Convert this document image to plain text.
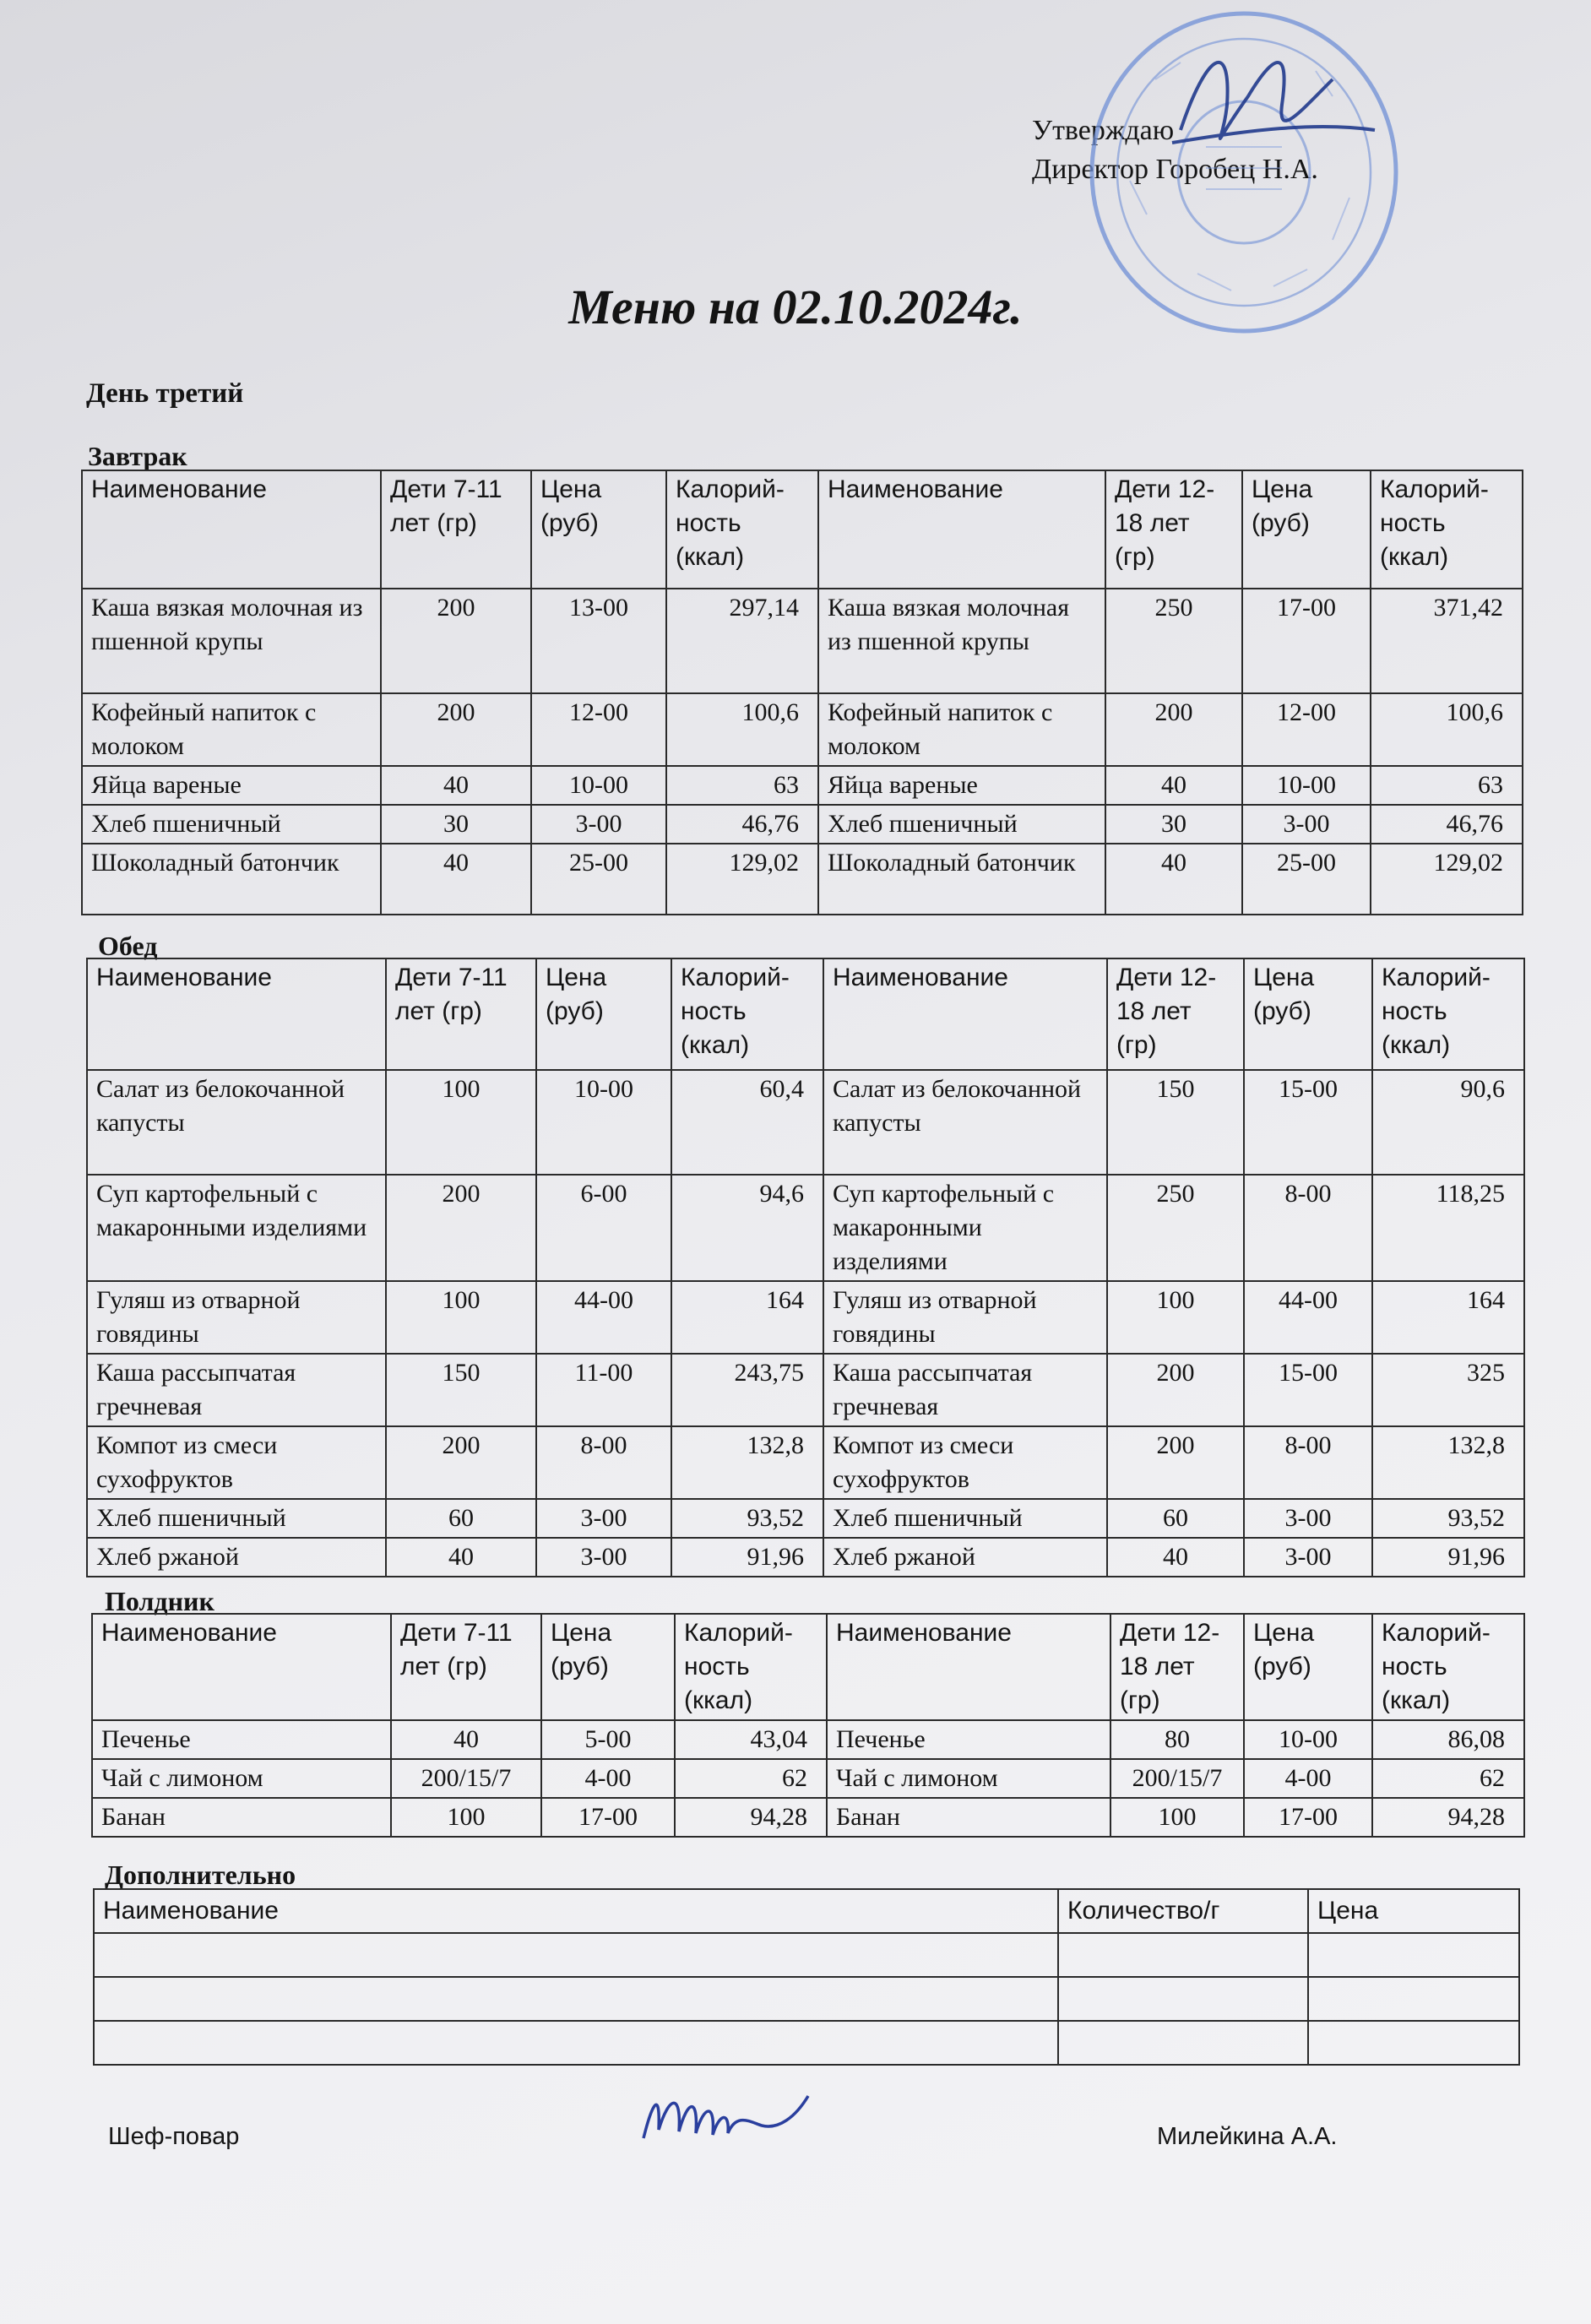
Утверждаю
Директор Горобец Н.А.
Меню на 02.10.2024г.
День третий
Завтрак
Наименование	Дети 7-11 лет (гр)	Цена (руб)	Калорий-ность (ккал)	Наименование	Дети 12-18 лет (гр)	Цена (руб)	Калорий-ность (ккал)
Каша вязкая молочная из пшенной крупы	200	13-00	297,14	Каша вязкая молочная из пшенной крупы	250	17-00	371,42
Кофейный напиток с молоком	200	12-00	100,6	Кофейный напиток с молоком	200	12-00	100,6
Яйца вареные	40	10-00	63	Яйца вареные	40	10-00	63
Хлеб пшеничный	30	3-00	46,76	Хлеб пшеничный	30	3-00	46,76
Шоколадный батончик	40	25-00	129,02	Шоколадный батончик	40	25-00	129,02
Обед
Наименование	Дети 7-11 лет (гр)	Цена (руб)	Калорий-ность (ккал)	Наименование	Дети 12-18 лет (гр)	Цена (руб)	Калорий-ность (ккал)
Салат из белокочанной капусты	100	10-00	60,4	Салат из белокочанной капусты	150	15-00	90,6
Суп картофельный с макаронными изделиями	200	6-00	94,6	Суп картофельный с макаронными изделиями	250	8-00	118,25
Гуляш из отварной говядины	100	44-00	164	Гуляш из отварной говядины	100	44-00	164
Каша рассыпчатая гречневая	150	11-00	243,75	Каша рассыпчатая гречневая	200	15-00	325
Компот из смеси сухофруктов	200	8-00	132,8	Компот из смеси сухофруктов	200	8-00	132,8
Хлеб пшеничный	60	3-00	93,52	Хлеб пшеничный	60	3-00	93,52
Хлеб ржаной	40	3-00	91,96	Хлеб ржаной	40	3-00	91,96
Полдник
Наименование	Дети 7-11 лет (гр)	Цена (руб)	Калорий-ность (ккал)	Наименование	Дети 12-18 лет (гр)	Цена (руб)	Калорий-ность (ккал)
Печенье	40	5-00	43,04	Печенье	80	10-00	86,08
Чай с лимоном	200/15/7	4-00	62	Чай с лимоном	200/15/7	4-00	62
Банан	100	17-00	94,28	Банан	100	17-00	94,28
Дополнительно
Наименование	Количество/г	Цена

Шеф-повар	Милейкина А.А.
